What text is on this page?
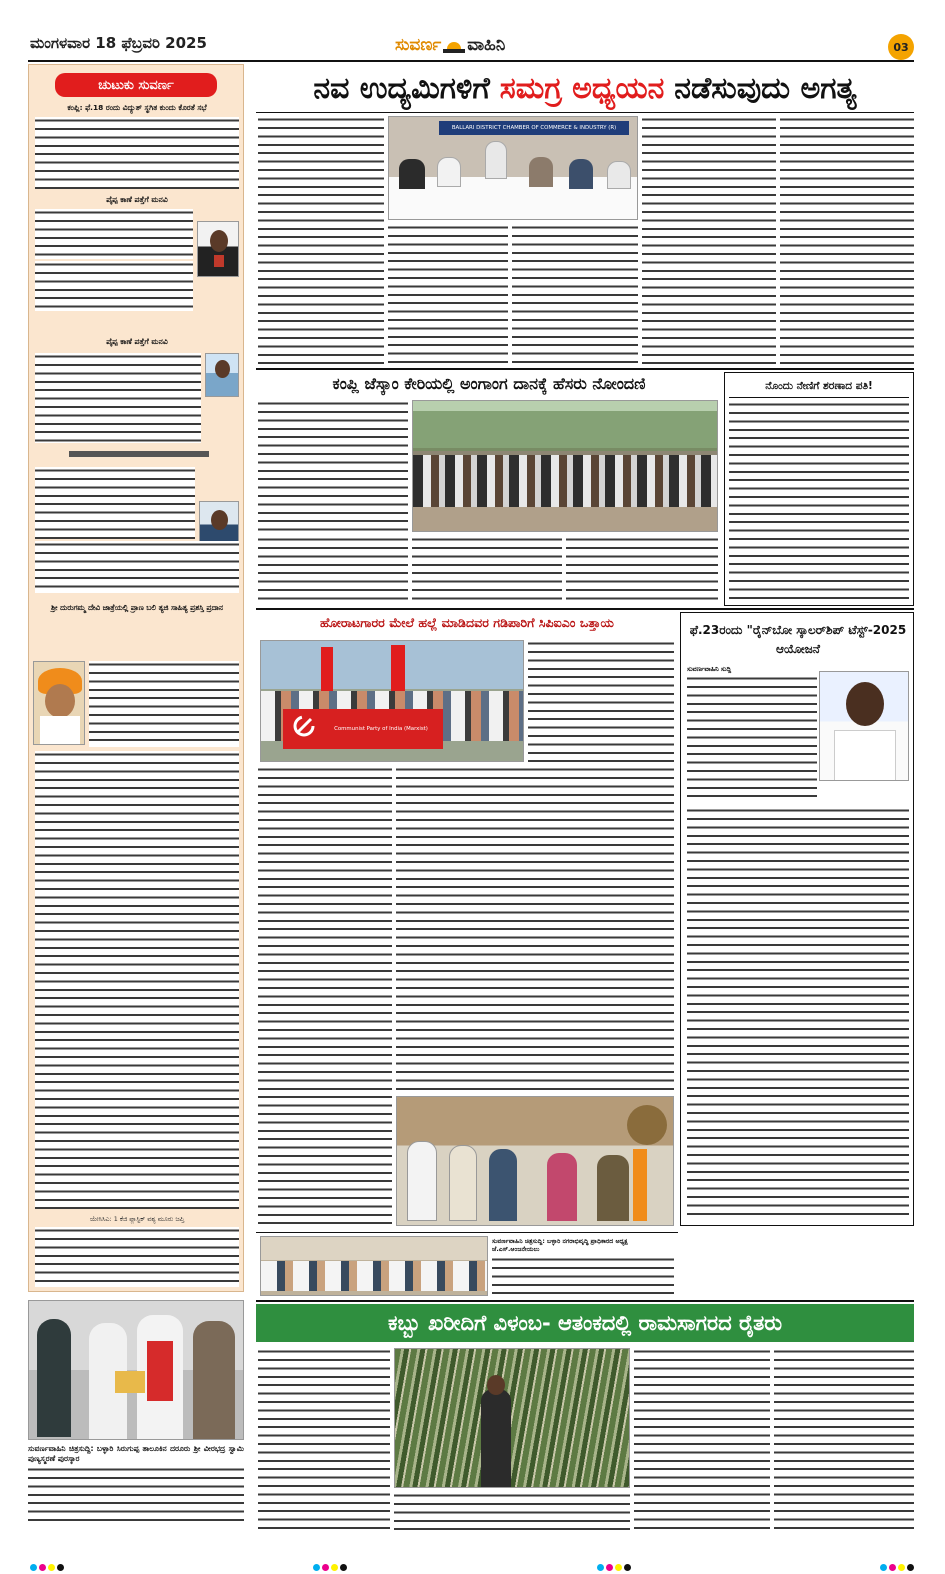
ಮಂಗಳವಾರ 18 ಫೆಬ್ರವರಿ 2025	ಸುವರ್ಣ ವಾಹಿನಿ	03
ಚುಟುಕು ಸುವರ್ಣ
ಕಂಪ್ಲಿ: ಫೆ.18 ರಂದು ವಿದ್ಯುತ್ ಸ್ಥಗಿತ ಕುಂದು ಕೊರತೆ ಸಭೆ
ಪೈಪ್ಪ ಕಾಣೆ ಪತ್ತೆಗೆ ಮನವಿ
ಪೈಪ್ಪ ಕಾಣೆ ಪತ್ತೆಗೆ ಮನವಿ
ಶ್ರೀ ದುರುಗಮ್ಮ ದೇವಿ ಜಾತ್ರೆಯಲ್ಲಿ ಪ್ರಾಣ ಬಲಿ ತ್ಯಜಿ ಸಾಹಿತ್ಯ ಪ್ರಶಸ್ತಿ ಪ್ರದಾನ
ಯೇಸಿಸಿಎ: 1 ಕೆಜಿ ಪ್ಲಾಸ್ಟಿಕ್ ವಶ್ಯ ಮೂರು ಜಪ್ತಿ
ಸುವರ್ಣವಾಹಿನಿ ಚಿತ್ರಸುದ್ದಿ: ಬಳ್ಳಾರಿ ಸಿರುಗುಪ್ಪ ತಾಲೂಕಿನ ದರೂರು ಶ್ರೀ ವೀರಭದ್ರ ಸ್ವಾಮಿ ಪುಣ್ಯಸ್ಮರಣೆ ಪುರಸ್ಕಾರ
ನವ ಉದ್ಯಮಿಗಳಿಗೆ ಸಮಗ್ರ ಅಧ್ಯಯನ ನಡೆಸುವುದು ಅಗತ್ಯ
BALLARI DISTRICT CHAMBER OF COMMERCE & INDUSTRY (R)
ಕಂಪ್ಲಿ ಜೆಸ್ಕಾಂ ಕೇರಿಯಲ್ಲಿ ಅಂಗಾಂಗ ದಾನಕ್ಕೆ ಹೆಸರು ನೋಂದಣಿ	ನೊಂದು ನೇಣಿಗೆ ಶರಣಾದ ಪತಿ!
ಹೋರಾಟಗಾರರ ಮೇಲೆ ಹಲ್ಲೆ ಮಾಡಿದವರ ಗಡಿಪಾರಿಗೆ ಸಿಪಿಐಎಂ ಒತ್ತಾಯ
Communist Party of India (Marxist)
ಫೆ.23ರಂದು "ರೈನ್‌ಬೋ ಸ್ಕಾಲರ್‌ಶಿಪ್ ಟೆಸ್ಟ್-2025 ಆಯೋಜನೆ
ಸುವರ್ಣವಾಹಿನಿ ಸುದ್ದಿ
ಸುವರ್ಣವಾಹಿನಿ ಚಿತ್ರಸುದ್ದಿ: ಬಳ್ಳಾರಿ ನಗರಾಭಿವೃದ್ಧಿ ಪ್ರಾಧಿಕಾರದ ಅಧ್ಯಕ್ಷ ಜೆ.ಎಸ್.ಆಂಜನೇಯಲು
ಕಬ್ಬು ಖರೀದಿಗೆ ವಿಳಂಬ- ಆತಂಕದಲ್ಲಿ ರಾಮಸಾಗರದ ರೈತರು
